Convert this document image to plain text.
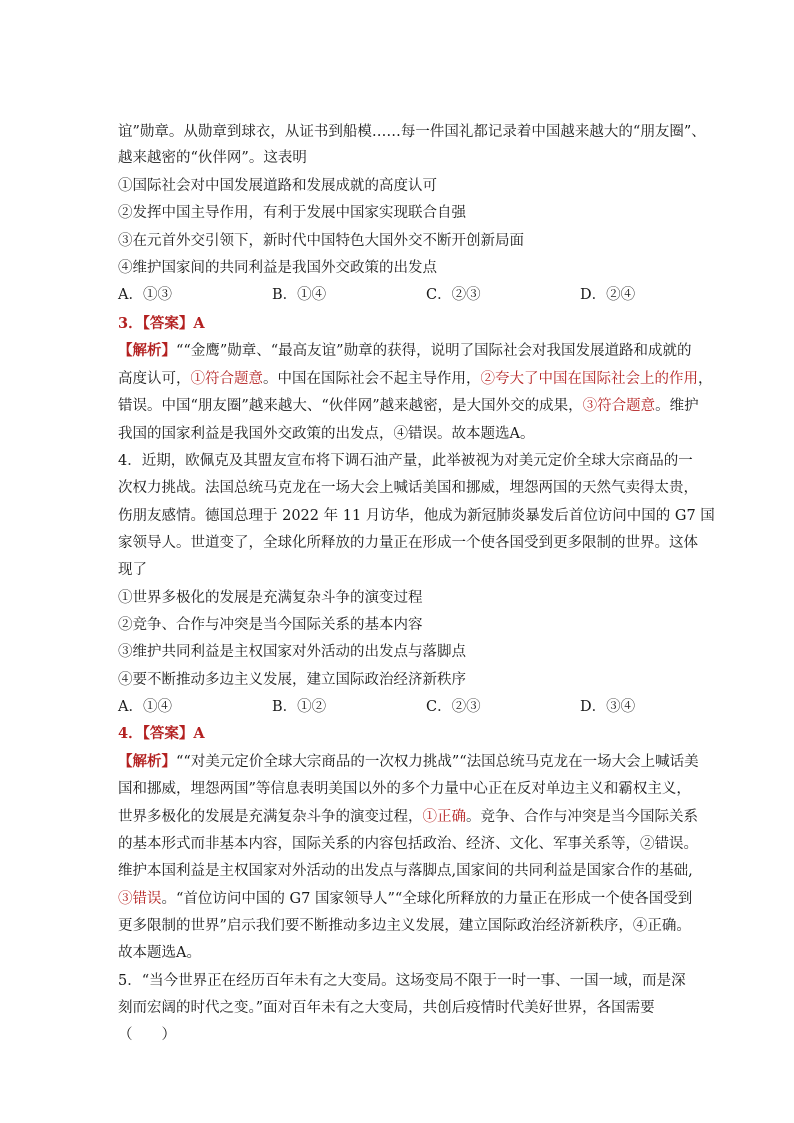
谊”勋章。从勋章到球衣，从证书到船模……每一件国礼都记录着中国越来越大的“朋友圈”、
越来越密的“伙伴网”。这表明
①国际社会对中国发展道路和发展成就的高度认可
②发挥中国主导作用，有利于发展中国家实现联合自强
③在元首外交引领下，新时代中国特色大国外交不断开创新局面
④维护国家间的共同利益是我国外交政策的出发点
A．①③	B．①④	C．②③	D．②④
3．【答案】A
【解析】““金鹰”勋章、“最高友谊”勋章的获得，说明了国际社会对我国发展道路和成就的
高度认可，①符合题意。中国在国际社会不起主导作用，②夸大了中国在国际社会上的作用，
错误。中国“朋友圈”越来越大、“伙伴网”越来越密，是大国外交的成果，③符合题意。维护
我国的国家利益是我国外交政策的出发点，④错误。故本题选A。
4．近期，欧佩克及其盟友宣布将下调石油产量，此举被视为对美元定价全球大宗商品的一
次权力挑战。法国总统马克龙在一场大会上喊话美国和挪威，埋怨两国的天然气卖得太贵，
伤朋友感情。德国总理于 2022 年 11 月访华，他成为新冠肺炎暴发后首位访问中国的 G7 国
家领导人。世道变了，全球化所释放的力量正在形成一个使各国受到更多限制的世界。这体
现了
①世界多极化的发展是充满复杂斗争的演变过程
②竞争、合作与冲突是当今国际关系的基本内容
③维护共同利益是主权国家对外活动的出发点与落脚点
④要不断推动多边主义发展，建立国际政治经济新秩序
A．①④	B．①②	C．②③	D．③④
4．【答案】A
【解析】““对美元定价全球大宗商品的一次权力挑战”“法国总统马克龙在一场大会上喊话美
国和挪威，埋怨两国”等信息表明美国以外的多个力量中心正在反对单边主义和霸权主义，
世界多极化的发展是充满复杂斗争的演变过程，①正确。竞争、合作与冲突是当今国际关系
的基本形式而非基本内容，国际关系的内容包括政治、经济、文化、军事关系等，②错误。
维护本国利益是主权国家对外活动的出发点与落脚点,国家间的共同利益是国家合作的基础,
③错误。“首位访问中国的 G7 国家领导人”“全球化所释放的力量正在形成一个使各国受到
更多限制的世界”启示我们要不断推动多边主义发展，建立国际政治经济新秩序，④正确。
故本题选A。
5．“当今世界正在经历百年未有之大变局。这场变局不限于一时一事、一国一域，而是深
刻而宏阔的时代之变。”面对百年未有之大变局，共创后疫情时代美好世界，各国需要
（　　）
